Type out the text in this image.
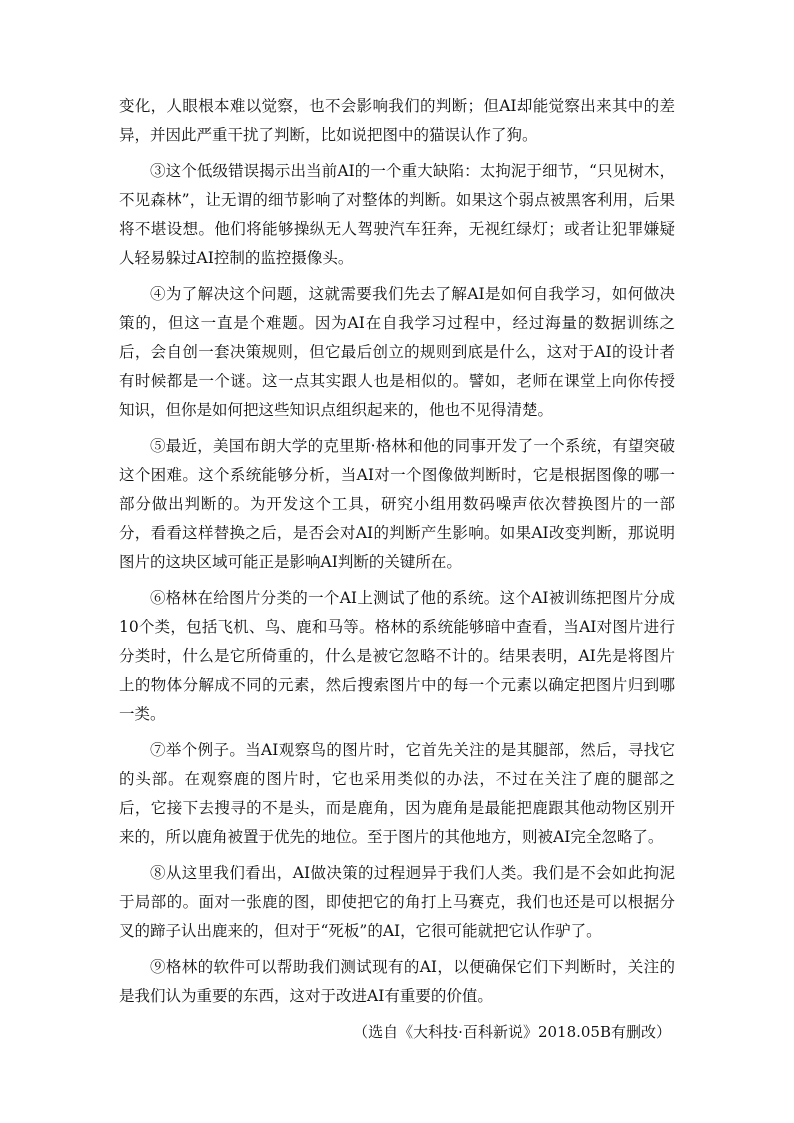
变化，人眼根本难以觉察，也不会影响我们的判断；但AI却能觉察出来其中的差异，并因此严重干扰了判断，比如说把图中的猫误认作了狗。

③这个低级错误揭示出当前AI的一个重大缺陷：太拘泥于细节，“只见树木，不见森林”，让无谓的细节影响了对整体的判断。如果这个弱点被黑客利用，后果将不堪设想。他们将能够操纵无人驾驶汽车狂奔，无视红绿灯；或者让犯罪嫌疑人轻易躲过AI控制的监控摄像头。

④为了解决这个问题，这就需要我们先去了解AI是如何自我学习，如何做决策的，但这一直是个难题。因为AI在自我学习过程中，经过海量的数据训练之后，会自创一套决策规则，但它最后创立的规则到底是什么，这对于AI的设计者有时候都是一个谜。这一点其实跟人也是相似的。譬如，老师在课堂上向你传授知识，但你是如何把这些知识点组织起来的，他也不见得清楚。

⑤最近，美国布朗大学的克里斯·格林和他的同事开发了一个系统，有望突破这个困难。这个系统能够分析，当AI对一个图像做判断时，它是根据图像的哪一部分做出判断的。为开发这个工具，研究小组用数码噪声依次替换图片的一部分，看看这样替换之后，是否会对AI的判断产生影响。如果AI改变判断，那说明图片的这块区域可能正是影响AI判断的关键所在。

⑥格林在给图片分类的一个AI上测试了他的系统。这个AI被训练把图片分成10个类，包括飞机、鸟、鹿和马等。格林的系统能够暗中查看，当AI对图片进行分类时，什么是它所倚重的，什么是被它忽略不计的。结果表明，AI先是将图片上的物体分解成不同的元素，然后搜索图片中的每一个元素以确定把图片归到哪一类。

⑦举个例子。当AI观察鸟的图片时，它首先关注的是其腿部，然后，寻找它的头部。在观察鹿的图片时，它也采用类似的办法，不过在关注了鹿的腿部之后，它接下去搜寻的不是头，而是鹿角，因为鹿角是最能把鹿跟其他动物区别开来的，所以鹿角被置于优先的地位。至于图片的其他地方，则被AI完全忽略了。

⑧从这里我们看出，AI做决策的过程迥异于我们人类。我们是不会如此拘泥于局部的。面对一张鹿的图，即使把它的角打上马赛克，我们也还是可以根据分叉的蹄子认出鹿来的，但对于“死板”的AI，它很可能就把它认作驴了。

⑨格林的软件可以帮助我们测试现有的AI，以便确保它们下判断时，关注的是我们认为重要的东西，这对于改进AI有重要的价值。

（选自《大科技·百科新说》2018.05B有删改）
